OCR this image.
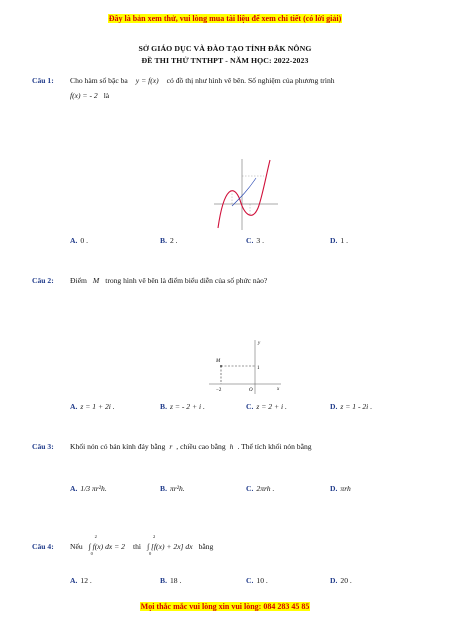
Đây là bản xem thử, vui lòng mua tài liệu để xem chi tiết (có lời giải)
SỞ GIÁO DỤC VÀ ĐÀO TẠO TỈNH ĐẮK NÔNG
ĐỀ THI THỬ TNTHPT - NĂM HỌC: 2022-2023
Câu 1:	Cho hàm số bậc ba y = f(x) có đồ thị như hình vẽ bên. Số nghiệm của phương trình
f(x) = - 2 là
A. 0 .	B. 2 .	C. 3 .	D. 1 .
Câu 2:	Điểm M trong hình vẽ bên là điểm biểu diễn của số phức nào?
y
x
M
1
−2	O
A. z = 1 + 2i .	B. z = - 2 + i .	C. z = 2 + i .	D. z = 1 - 2i .
Câu 3:	Khối nón có bán kính đáy bằng r , chiều cao bằng h . Thể tích khối nón bằng
A. 1/3 πr²h.	B. πr²h.	C. 2πrh .	D. πrh
Câu 4:	Nếu
2
∫ f(x) dx = 2
0
thì
2
∫ [f(x) + 2x] dx
0
bằng
A. 12 .	B. 18 .	C. 10 .	D. 20 .
Mọi thắc mắc vui lòng xin vui lòng: 084 283 45 85
